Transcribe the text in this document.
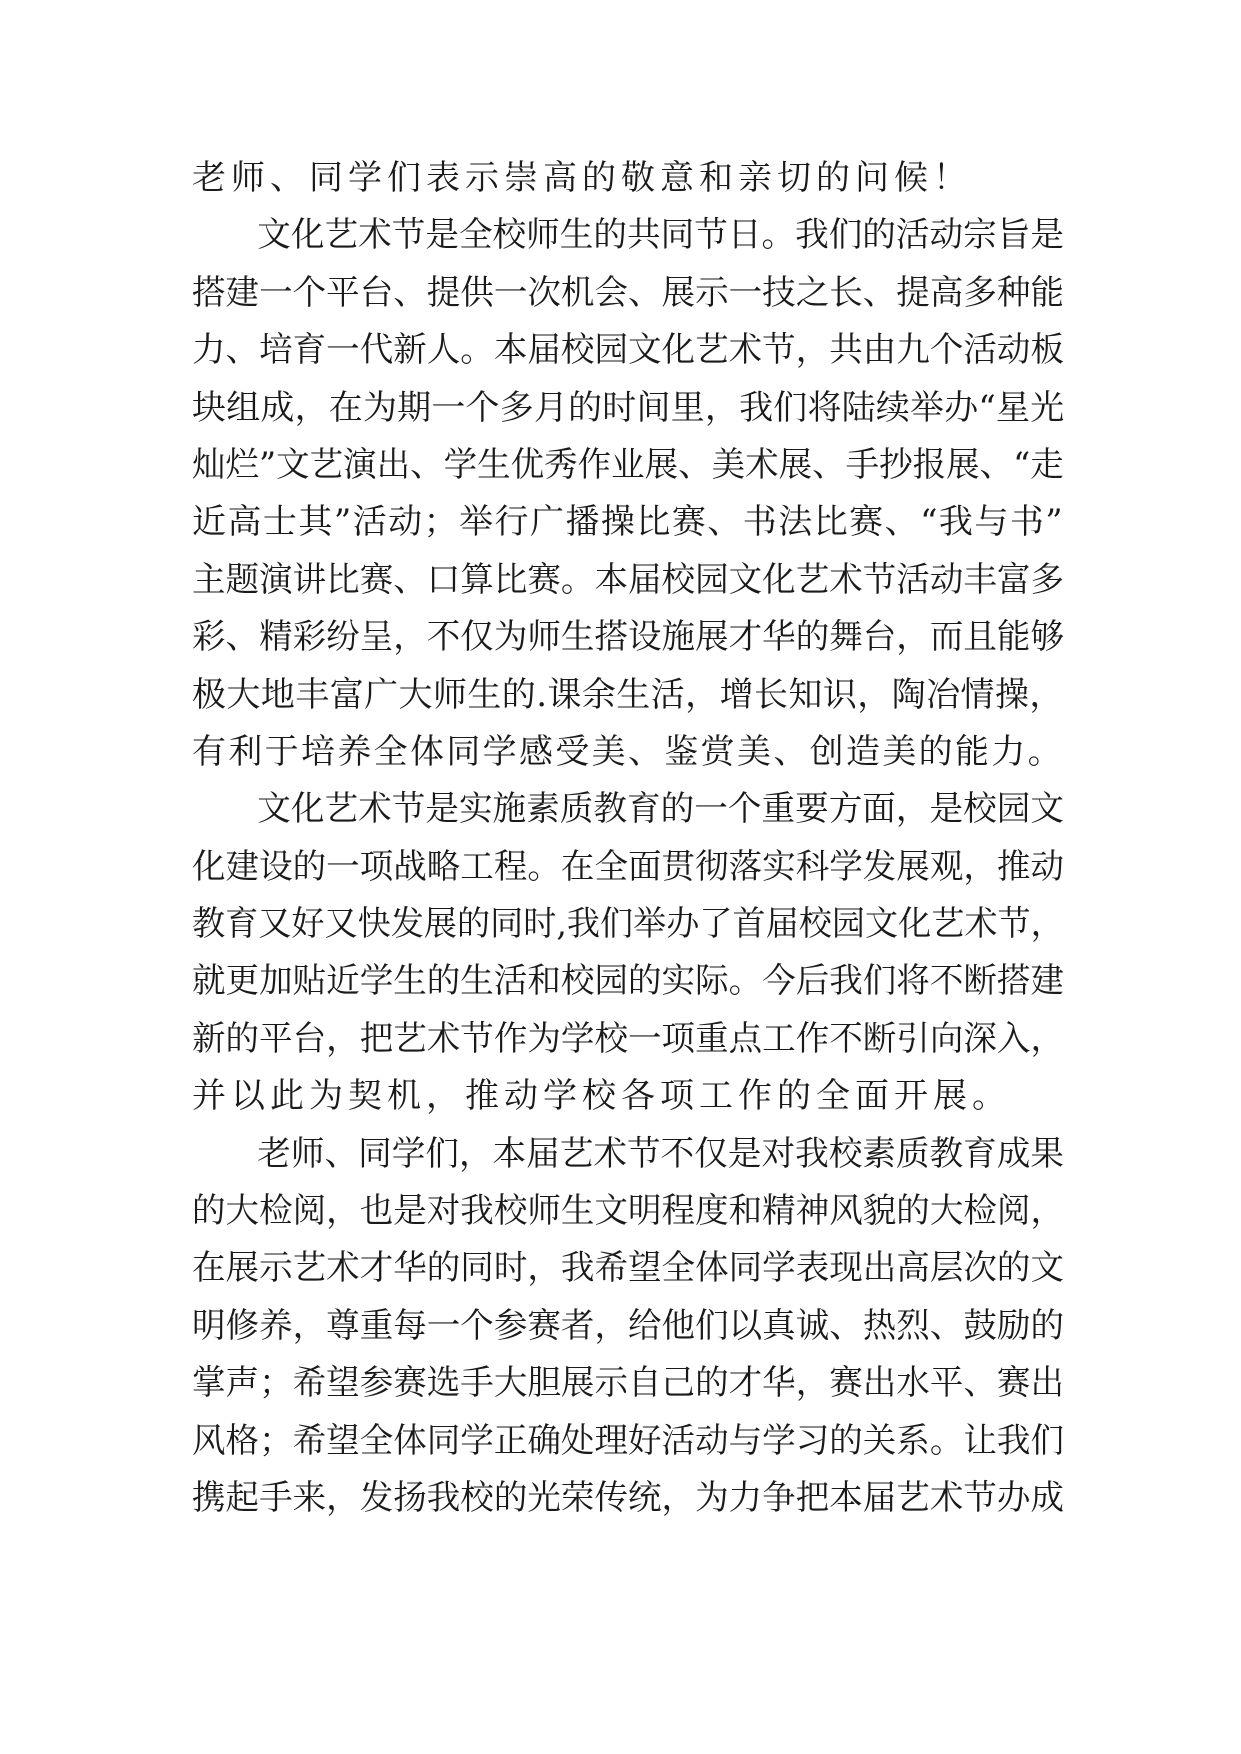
老师、同学们表示崇高的敬意和亲切的问候！
文化艺术节是全校师生的共同节日。我们的活动宗旨是
搭建一个平台、提供一次机会、展示一技之长、提高多种能
力、培育一代新人。本届校园文化艺术节，共由九个活动板
块组成，在为期一个多月的时间里，我们将陆续举办“星光
灿烂”文艺演出、学生优秀作业展、美术展、手抄报展、“走
近高士其”活动；举行广播操比赛、书法比赛、“我与书”
主题演讲比赛、口算比赛。本届校园文化艺术节活动丰富多
彩、精彩纷呈，不仅为师生搭设施展才华的舞台，而且能够
极大地丰富广大师生的.课余生活，增长知识，陶冶情操，
有利于培养全体同学感受美、鉴赏美、创造美的能力。
文化艺术节是实施素质教育的一个重要方面，是校园文
化建设的一项战略工程。在全面贯彻落实科学发展观，推动
教育又好又快发展的同时,我们举办了首届校园文化艺术节，
就更加贴近学生的生活和校园的实际。今后我们将不断搭建
新的平台，把艺术节作为学校一项重点工作不断引向深入，
并以此为契机，推动学校各项工作的全面开展。
老师、同学们，本届艺术节不仅是对我校素质教育成果
的大检阅，也是对我校师生文明程度和精神风貌的大检阅，
在展示艺术才华的同时，我希望全体同学表现出高层次的文
明修养，尊重每一个参赛者，给他们以真诚、热烈、鼓励的
掌声；希望参赛选手大胆展示自己的才华，赛出水平、赛出
风格；希望全体同学正确处理好活动与学习的关系。让我们
携起手来，发扬我校的光荣传统，为力争把本届艺术节办成
